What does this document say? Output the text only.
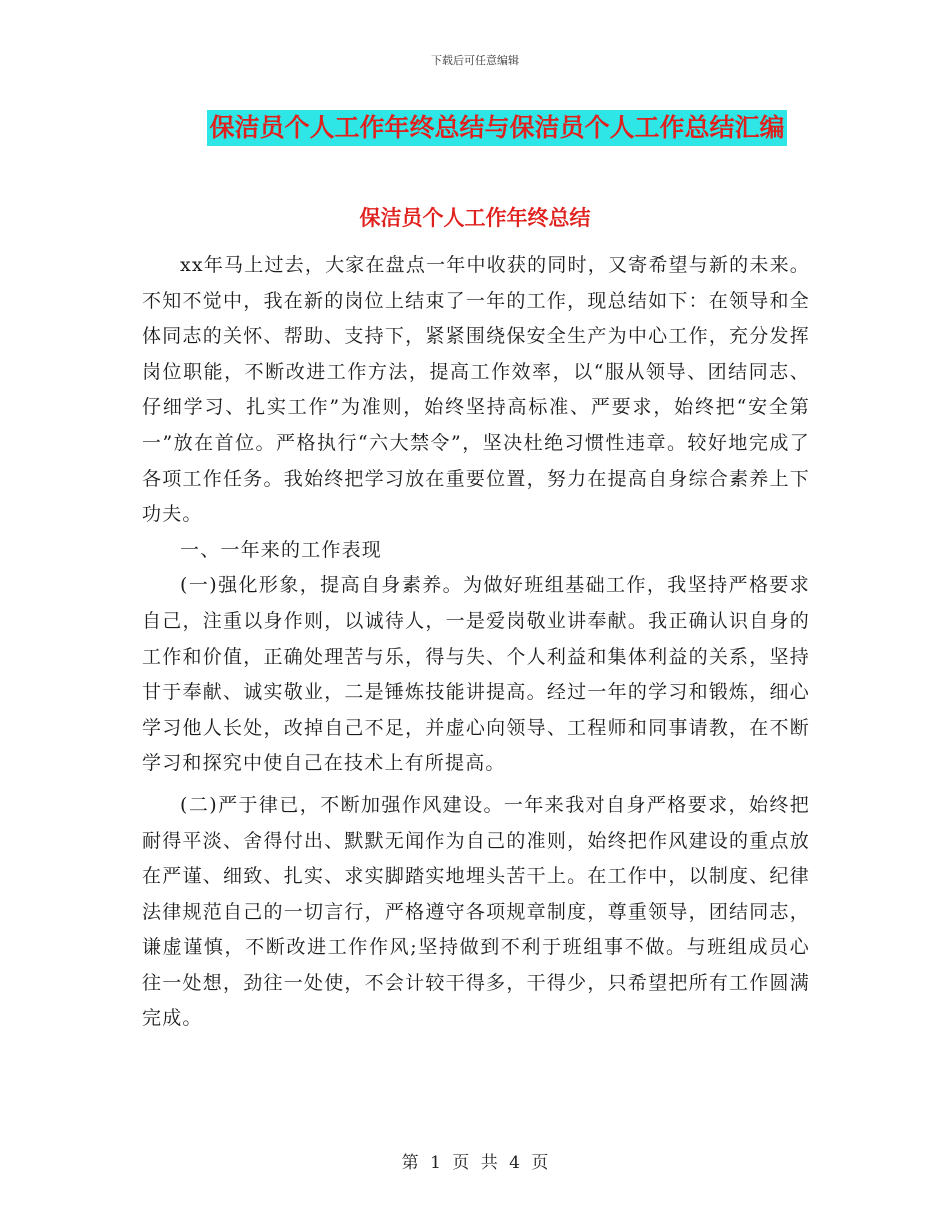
下载后可任意编辑
保洁员个人工作年终总结与保洁员个人工作总结汇编
保洁员个人工作年终总结

xx年马上过去，大家在盘点一年中收获的同时，又寄希望与新的未来。不知不觉中，我在新的岗位上结束了一年的工作，现总结如下：在领导和全体同志的关怀、帮助、支持下，紧紧围绕保安全生产为中心工作，充分发挥岗位职能，不断改进工作方法，提高工作效率，以“服从领导、团结同志、仔细学习、扎实工作”为准则，始终坚持高标准、严要求，始终把“安全第一”放在首位。严格执行“六大禁令”，坚决杜绝习惯性违章。较好地完成了各项工作任务。我始终把学习放在重要位置，努力在提高自身综合素养上下功夫。

一、一年来的工作表现

(一)强化形象，提高自身素养。为做好班组基础工作，我坚持严格要求自己，注重以身作则，以诚待人，一是爱岗敬业讲奉献。我正确认识自身的工作和价值，正确处理苦与乐，得与失、个人利益和集体利益的关系，坚持甘于奉献、诚实敬业，二是锤炼技能讲提高。经过一年的学习和锻炼，细心学习他人长处，改掉自己不足，并虚心向领导、工程师和同事请教，在不断学习和探究中使自己在技术上有所提高。

(二)严于律已，不断加强作风建设。一年来我对自身严格要求，始终把耐得平淡、舍得付出、默默无闻作为自己的准则，始终把作风建设的重点放在严谨、细致、扎实、求实脚踏实地埋头苦干上。在工作中，以制度、纪律法律规范自己的一切言行，严格遵守各项规章制度，尊重领导，团结同志，谦虚谨慎，不断改进工作作风;坚持做到不利于班组事不做。与班组成员心往一处想，劲往一处使，不会计较干得多，干得少，只希望把所有工作圆满完成。

第 1 页 共 4 页
